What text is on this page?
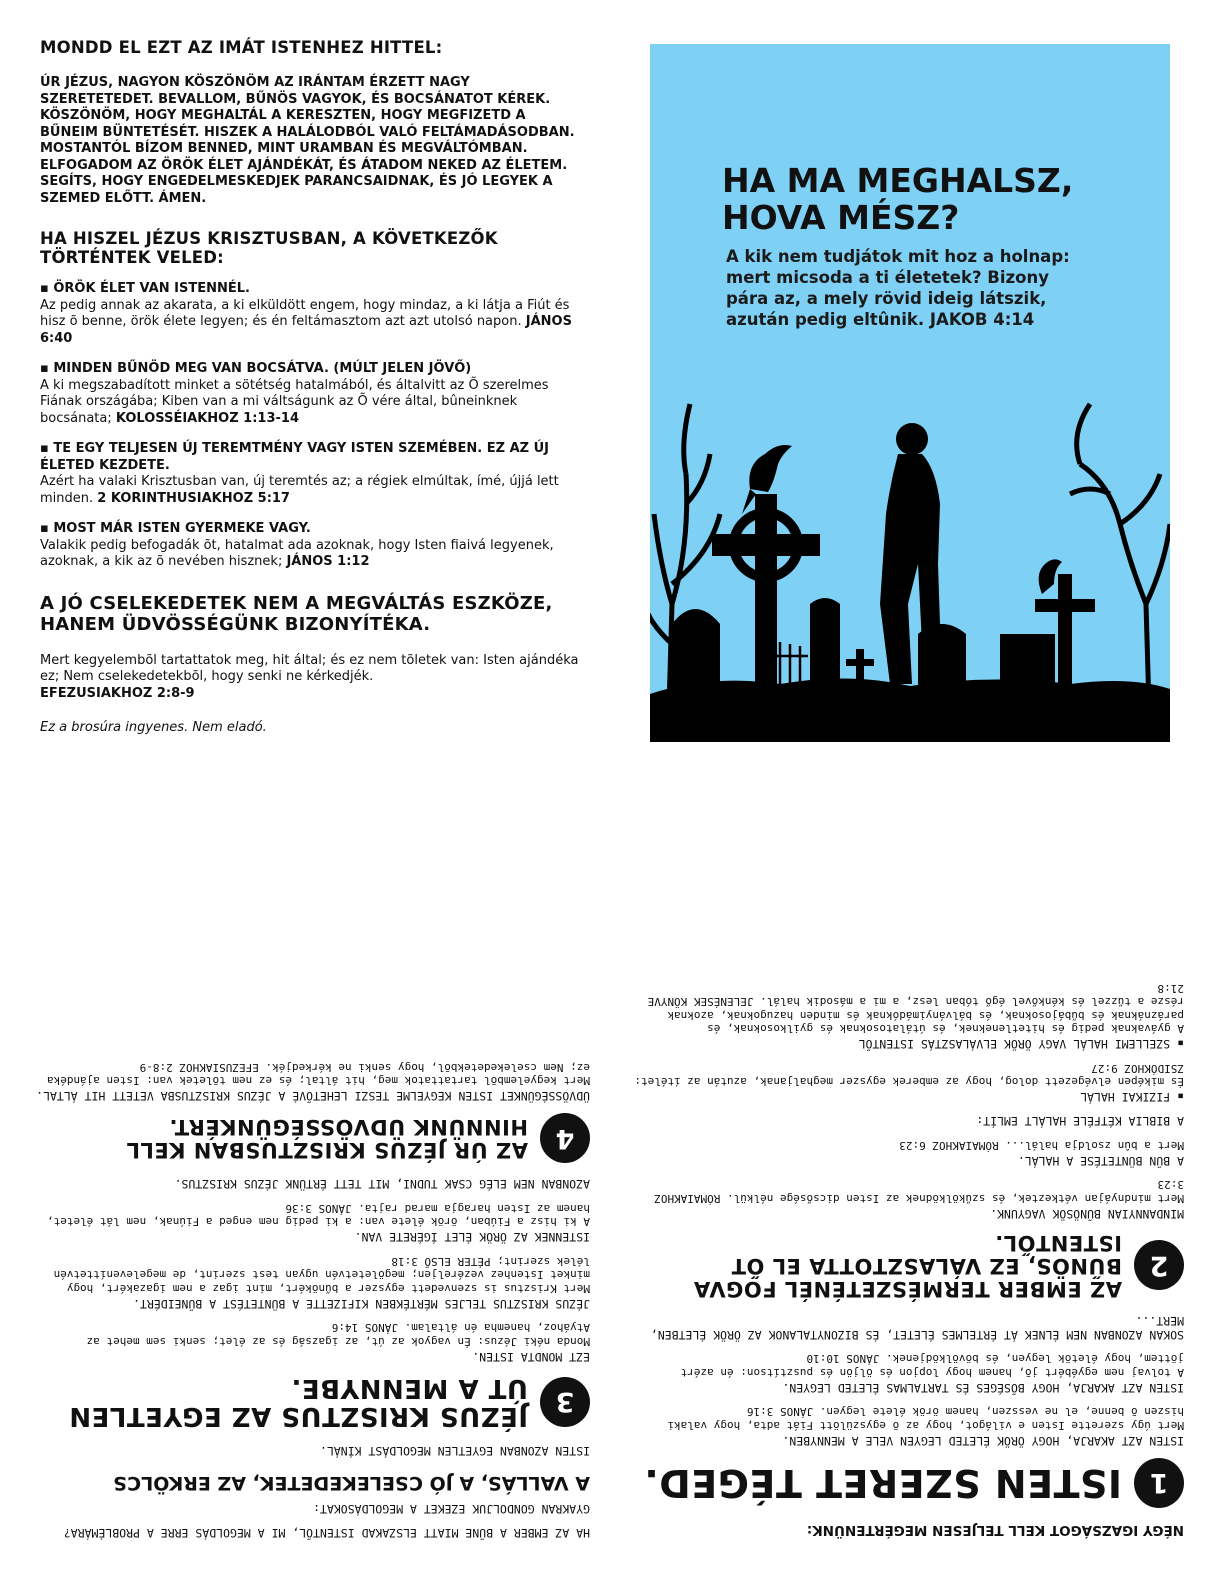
MONDD EL EZT AZ IMÁT ISTENHEZ HITTEL:

ÚR JÉZUS, NAGYON KÖSZÖNÖM AZ IRÁNTAM ÉRZETT NAGY SZERETETEDET. BEVALLOM, BŰNÖS VAGYOK, ÉS BOCSÁNATOT KÉREK. KÖSZÖNÖM, HOGY MEGHALTÁL A KERESZTEN, HOGY MEGFIZETD A BŰNEIM BÜNTETÉSÉT. HISZEK A HALÁLODBÓL VALÓ FELTÁMADÁSODBAN. MOSTANTÓL BÍZOM BENNED, MINT URAMBAN ÉS MEGVÁLTÓMBAN. ELFOGADOM AZ ÖRÖK ÉLET AJÁNDÉKÁT, ÉS ÁTADOM NEKED AZ ÉLETEM. SEGÍTS, HOGY ENGEDELMESKEDJEK PARANCSAIDNAK, ÉS JÓ LEGYEK A SZEMED ELŐTT. ÁMEN.

HA HISZEL JÉZUS KRISZTUSBAN, A KÖVETKEZŐK TÖRTÉNTEK VELED:
▪ ÖRÖK ÉLET VAN ISTENNÉL.
Az pedig annak az akarata, a ki elküldött engem, hogy mindaz, a ki látja a Fiút és hisz õ benne, örök élete legyen; és én feltámasztom azt azt utolsó napon. JÁNOS 6:40
▪ MINDEN BŰNÖD MEG VAN BOCSÁTVA. (MÚLT JELEN JÖVŐ)
A ki megszabadított minket a sötétség hatalmából, és általvitt az Õ szerelmes Fiának országába; Kiben van a mi váltságunk az Õ vére által, bûneinknek bocsánata; KOLOSSÉIAKHOZ 1:13-14
▪ TE EGY TELJESEN ÚJ TEREMTMÉNY VAGY ISTEN SZEMÉBEN. EZ AZ ÚJ ÉLETED KEZDETE.
Azért ha valaki Krisztusban van, új teremtés az; a régiek elmúltak, ímé, újjá lett minden. 2 KORINTHUSIAKHOZ 5:17
▪ MOST MÁR ISTEN GYERMEKE VAGY.
Valakik pedig befogadák õt, hatalmat ada azoknak, hogy Isten fiaivá legyenek, azoknak, a kik az õ nevében hisznek; JÁNOS 1:12
A JÓ CSELEKEDETEK NEM A MEGVÁLTÁS ESZKÖZE, HANEM ÜDVÖSSÉGÜNK BIZONYÍTÉKA.
Mert kegyelembõl tartattatok meg, hit által; és ez nem tõletek van: Isten ajándéka ez; Nem cselekedetekbõl, hogy senki ne kérkedjék.
EFEZUSIAKHOZ 2:8-9

Ez a brosúra ingyenes. Nem eladó.

HA MA MEGHALSZ,
HOVA MÉSZ?
A kik nem tudjátok mit hoz a holnap: mert micsoda a ti életetek? Bizony pára az, a mely rövid ideig látszik, azután pedig eltûnik. JAKOB 4:14
NÉGY IGAZSÁGOT KELL TELJESEN MEGÉRTENÜNK:
1
ISTEN SZERET TÉGED.
ISTEN AZT AKARJA, HOGY ÖRÖK ÉLETED LEGYEN VELE A MENNYBEN.
Mert úgy szerette Isten e világot, hogy az õ egyszülött Fiát adta, hogy valaki hiszen õ benne, el ne vesszen, hanem örök élete legyen. JÁNOS 3:16
ISTEN AZT AKARJA, HOGY BŐSÉGES ÉS TARTALMAS ÉLETED LEGYEN.
A tolvaj nem egyébért jõ, hanem hogy lopjon és öljön és pusztítson: én azért jöttem, hogy életök legyen, és bövölködjenek. JÁNOS 10:10
SOKAN AZONBAN NEM ÉLNEK ÁT ÉRTELMES ÉLETET, ÉS BIZONYTALANOK AZ ÖRÖK ÉLETBEN, MERT...
2
AZ EMBER TERMÉSZETÉNÉL FOGVA BŰNÖS, EZ VÁLASZTOTTA EL ŐT ISTENTŐL.
MINDANNYIAN BŰNÖSÖK VAGYUNK.
Mert mindnyájan vétkeztek, és szűkölködnek az Isten dicsősége nélkül. RÓMAIAKHOZ 3:23
A BŰN BÜNTETÉSE A HALÁL.
Mert a bûn zsoldja halál... RÓMAIAKHOZ 6:23
A BIBLIA KÉTFÉLE HALÁLT EMLÍT:
▪ FIZIKAI HALÁL
És miképen elvégezett dolog, hogy az emberek egyszer meghaljanak, azután az ítélet: ZSIDÓKHOZ 9:27
▪ SZELLEMI HALÁL VAGY ÖRÖK ELVÁLASZTÁS ISTENTŐL
A gyávaknak pedig és hitetleneknek, és útálatosoknak és gyilkosoknak, és paráznáknak és bűbájosoknak, és bálványimádóknak és minden hazugoknak, azoknak része a tűzzel és kénkővel égő tóban lesz, a mi a második halál. JELENÉSEK KÖNYVE 21:8
HA AZ EMBER A BŰNE MIATT ELSZAKAD ISTENTŐL, MI A MEGOLDÁS ERRE A PROBLÉMÁRA?
GYAKRAN GONDOLJUK EZEKET A MEGOLDÁSOKAT:
A VALLÁS, A JÓ CSELEKEDETEK, AZ ERKÖLCS
ISTEN AZONBAN EGYETLEN MEGOLDÁST KÍNÁL.
3
JÉZUS KRISZTUS AZ EGYETLEN ÚT A MENNYBE.
EZT MONDTA ISTEN.
Monda néki Jézus: Én vagyok az út, az igazság és az élet; senki sem mehet az Atyához, hanemha én általam. JÁNOS 14:6
JÉZUS KRISZTUS TELJES MÉRTÉKBEN KIFIZETTE A BÜNTETÉST A BŰNEIDÉRT.
Mert Krisztus is szenvedett egyszer a bűnökért, mint igaz a nem igazakért, hogy minket Istenhez vezéreljen; megöletetvén ugyan test szerint, de megeleveníttetvén lélek szerint; PÉTER ELSŐ 3:18
ISTENNEK AZ ÖRÖK ÉLET ÍGÉRETE VAN.
A ki hisz a Fiúban, örök élete van: a ki pedig nem enged a Fiúnak, nem lát életet, hanem az Isten haragja marad rajta. JÁNOS 3:36
AZONBAN NEM ELÉG CSAK TUDNI, MIT TETT ÉRTÜNK JÉZUS KRISZTUS.
4
AZ ÚR JÉZUS KRISZTUSBAN KELL HINNÜNK ÜDVÖSSÉGÜNKÉRT.
ÜDVÖSSÉGÜNKET ISTEN KEGYELME TESZI LEHETŐVÉ A JÉZUS KRISZTUSBA VETETT HIT ÁLTAL.
Mert kegyelembõl tartattatok meg, hit által; és ez nem tõletek van: Isten ajándéka ez; Nem cselekedetekbõl, hogy senki ne kérkedjék. EFEZUSIAKHOZ 2:8-9
